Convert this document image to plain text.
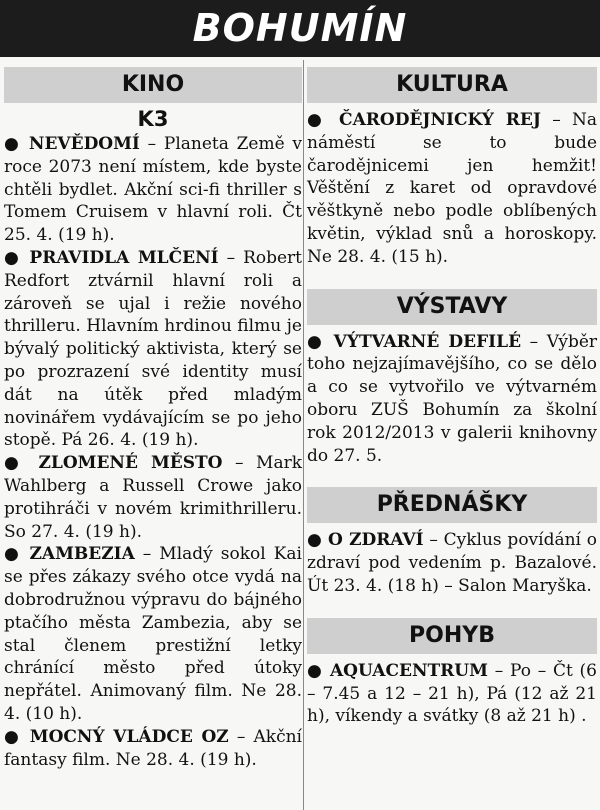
BOHUMÍN
KINO
K3

● NEVĚDOMÍ – Planeta Země v roce 2073 není místem, kde byste chtěli bydlet. Akční sci-fi thriller s Tomem Cruisem v hlavní roli. Čt 25. 4. (19 h).

● PRAVIDLA MLČENÍ – Robert Redfort ztvárnil hlavní roli a zároveň se ujal i režie nového thrilleru. Hlavním hrdinou filmu je bývalý politický aktivista, který se po prozrazení své identity musí dát na útěk před mladým novinářem vydávajícím se po jeho stopě. Pá 26. 4. (19 h).

● ZLOMENÉ MĚSTO – Mark Wahlberg a Russell Crowe jako protihráči v novém krimithrilleru. So 27. 4. (19 h).

● ZAMBEZIA – Mladý sokol Kai se přes zákazy svého otce vydá na dobrodružnou výpravu do bájného ptačího města Zambezia, aby se stal členem prestižní letky chránící město před útoky nepřátel. Animovaný film. Ne 28. 4. (10 h).

● MOCNÝ VLÁDCE OZ – Akční fantasy film. Ne 28. 4. (19 h).

KULTURA

● ČARODĚJNICKÝ REJ – Na náměstí se to bude čarodějnicemi jen hemžit! Věštění z karet od opravdové věštkyně nebo podle oblíbených květin, výklad snů a horoskopy. Ne 28. 4. (15 h).

VÝSTAVY

● VÝTVARNÉ DEFILÉ – Výběr toho nejzajímavějšího, co se dělo a co se vytvořilo ve výtvarném oboru ZUŠ Bohumín za školní rok 2012/2013 v galerii knihovny do 27. 5.

PŘEDNÁŠKY

● O ZDRAVÍ – Cyklus povídání o zdraví pod vedením p. Bazalové. Út 23. 4. (18 h) – Salon Maryška.

POHYB

● AQUACENTRUM – Po – Čt (6 – 7.45 a 12 – 21 h), Pá (12 až 21 h), víkendy a svátky (8 až 21 h) .
